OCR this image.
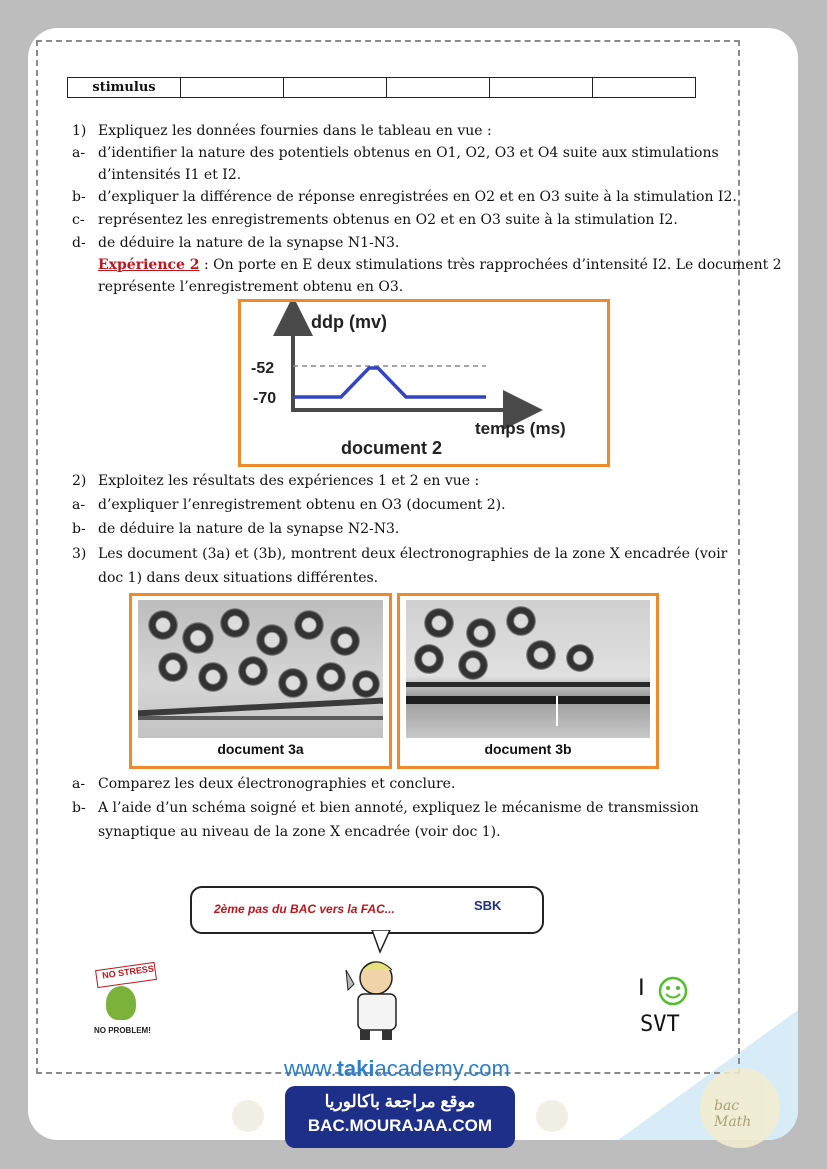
stimulus					
1) Expliquez les données fournies dans le tableau en vue :
a- d’identifier la nature des potentiels obtenus en O1, O2, O3 et O4 suite aux stimulations
d’intensités I1 et I2.
b- d’expliquer la différence de réponse enregistrées en O2 et en O3 suite à la stimulation I2.
c- représentez les enregistrements obtenus en O2 et en O3 suite à la stimulation I2.
d- de déduire la nature de la synapse N1-N3.
Expérience 2 : On porte en E deux stimulations très rapprochées d’intensité I2. Le document 2
représente l’enregistrement obtenu en O3.
ddp (mv)
-52
-70
temps (ms)
document 2
2) Exploitez les résultats des expériences 1 et 2 en vue :
a- d’expliquer l’enregistrement obtenu en O3 (document 2).
b- de déduire la nature de la synapse N2-N3.
3) Les document (3a) et (3b), montrent deux électronographies de la zone X encadrée (voir
doc 1) dans deux situations différentes.
document 3a	document 3b
a- Comparez les deux électronographies et conclure.
b- A l’aide d’un schéma soigné et bien annoté, expliquez le mécanisme de transmission
synaptique au niveau de la zone X encadrée (voir doc 1).
2ème pas du BAC vers la FAC...	SBK
NO STRESS
NO PROBLEM!
I
SVT
www.takiacademy.com
موقع مراجعة باكالوريا
BAC.MOURAJAA.COM
bac Math
